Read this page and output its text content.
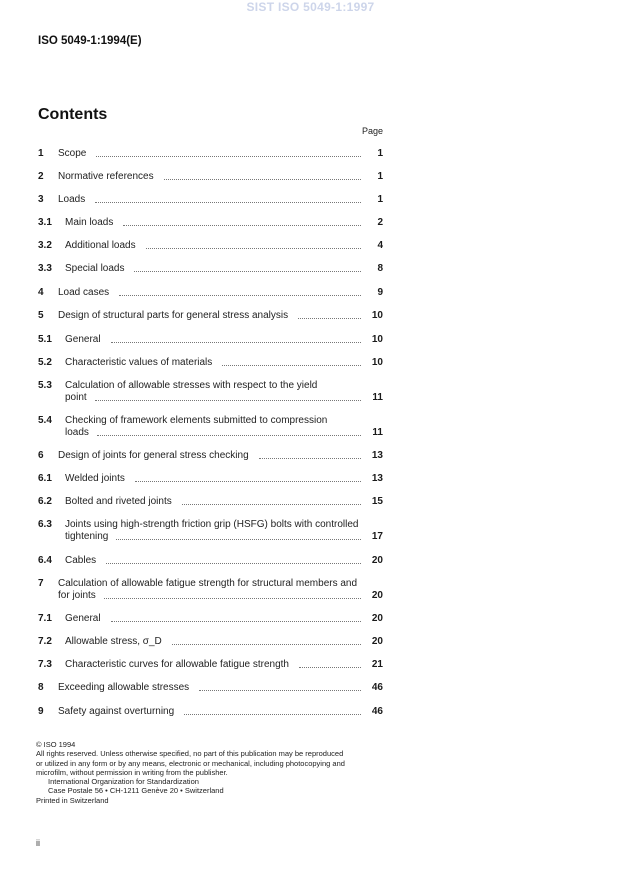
SIST ISO 5049-1:1997
ISO 5049-1:1994(E)
Contents
Page
1 Scope	1
2 Normative references	1
3 Loads	1
3.1 Main loads	2
3.2 Additional loads	4
3.3 Special loads	8
4 Load cases	9
5 Design of structural parts for general stress analysis	10
5.1 General	10
5.2 Characteristic values of materials	10
5.3 Calculation of allowable stresses with respect to the yield
point	11
5.4 Checking of framework elements submitted to compression
loads	11
6 Design of joints for general stress checking	13
6.1 Welded joints	13
6.2 Bolted and riveted joints	15
6.3 Joints using high-strength friction grip (HSFG) bolts with controlled
tightening	17
6.4 Cables	20
7 Calculation of allowable fatigue strength for structural members and
for joints	20
7.1 General	20
7.2 Allowable stress, σ_D	20
7.3 Characteristic curves for allowable fatigue strength	21
8 Exceeding allowable stresses	46
9 Safety against overturning	46
© ISO 1994
All rights reserved. Unless otherwise specified, no part of this publication may be reproduced
or utilized in any form or by any means, electronic or mechanical, including photocopying and
microfilm, without permission in writing from the publisher.
International Organization for Standardization
Case Postale 56 • CH-1211 Genève 20 • Switzerland
Printed in Switzerland
ii
